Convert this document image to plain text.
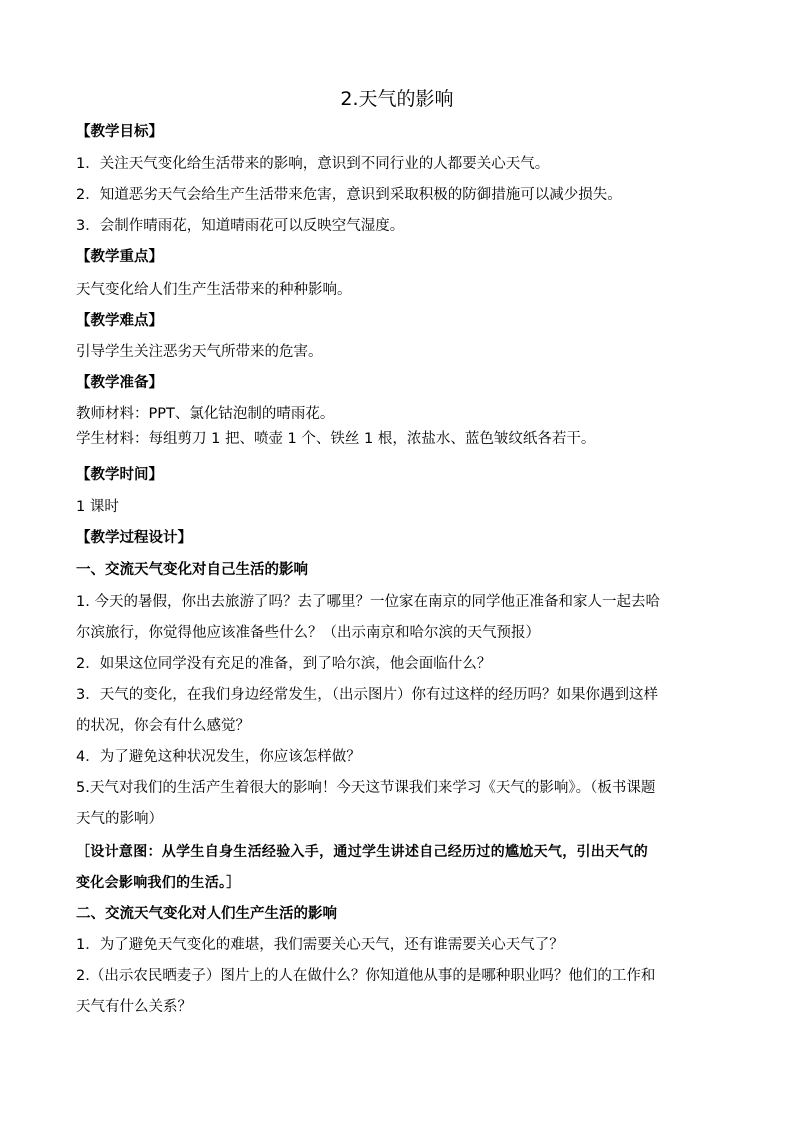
2.天气的影响
【教学目标】
1．关注天气变化给生活带来的影响，意识到不同行业的人都要关心天气。
2．知道恶劣天气会给生产生活带来危害，意识到采取积极的防御措施可以减少损失。
3．会制作晴雨花，知道晴雨花可以反映空气湿度。
【教学重点】
天气变化给人们生产生活带来的种种影响。
【教学难点】
引导学生关注恶劣天气所带来的危害。
【教学准备】
教师材料：PPT、氯化钴泡制的晴雨花。
学生材料：每组剪刀 1 把、喷壶 1 个、铁丝 1 根，浓盐水、蓝色皱纹纸各若干。
【教学时间】
1 课时
【教学过程设计】
一、交流天气变化对自己生活的影响
1. 今天的暑假，你出去旅游了吗？去了哪里？一位家在南京的同学他正准备和家人一起去哈
尔滨旅行，你觉得他应该准备些什么？（出示南京和哈尔滨的天气预报）
2．如果这位同学没有充足的准备，到了哈尔滨，他会面临什么？
3．天气的变化，在我们身边经常发生，（出示图片）你有过这样的经历吗？如果你遇到这样
的状况，你会有什么感觉？
4．为了避免这种状况发生，你应该怎样做？
5.天气对我们的生活产生着很大的影响！今天这节课我们来学习《天气的影响》。（板书课题
天气的影响）
［设计意图：从学生自身生活经验入手，通过学生讲述自己经历过的尴尬天气，引出天气的
变化会影响我们的生活。］
二、交流天气变化对人们生产生活的影响
1．为了避免天气变化的难堪，我们需要关心天气，还有谁需要关心天气了？
2.（出示农民晒麦子）图片上的人在做什么？你知道他从事的是哪种职业吗？他们的工作和
天气有什么关系？
